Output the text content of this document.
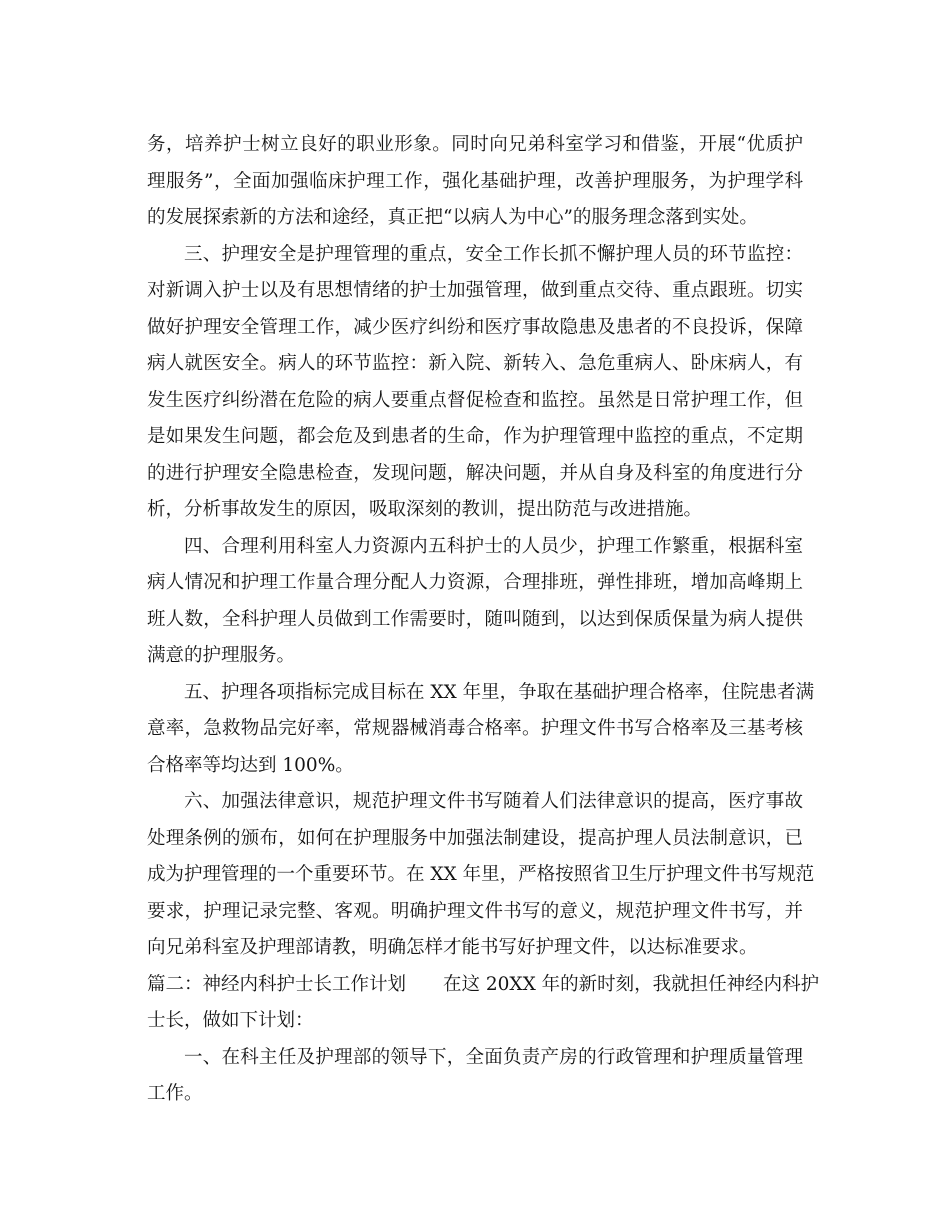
务，培养护士树立良好的职业形象。同时向兄弟科室学习和借鉴，开展“优质护
理服务”，全面加强临床护理工作，强化基础护理，改善护理服务，为护理学科
的发展探索新的方法和途经，真正把“以病人为中心”的服务理念落到实处。
三、护理安全是护理管理的重点，安全工作长抓不懈护理人员的环节监控：
对新调入护士以及有思想情绪的护士加强管理，做到重点交待、重点跟班。切实
做好护理安全管理工作，减少医疗纠纷和医疗事故隐患及患者的不良投诉，保障
病人就医安全。病人的环节监控：新入院、新转入、急危重病人、卧床病人，有
发生医疗纠纷潜在危险的病人要重点督促检查和监控。虽然是日常护理工作，但
是如果发生问题，都会危及到患者的生命，作为护理管理中监控的重点，不定期
的进行护理安全隐患检查，发现问题，解决问题，并从自身及科室的角度进行分
析，分析事故发生的原因，吸取深刻的教训，提出防范与改进措施。
四、合理利用科室人力资源内五科护士的人员少，护理工作繁重，根据科室
病人情况和护理工作量合理分配人力资源，合理排班，弹性排班，增加高峰期上
班人数，全科护理人员做到工作需要时，随叫随到，以达到保质保量为病人提供
满意的护理服务。
五、护理各项指标完成目标在 XX 年里，争取在基础护理合格率，住院患者满
意率，急救物品完好率，常规器械消毒合格率。护理文件书写合格率及三基考核
合格率等均达到 100%。
六、加强法律意识，规范护理文件书写随着人们法律意识的提高，医疗事故
处理条例的颁布，如何在护理服务中加强法制建设，提高护理人员法制意识，已
成为护理管理的一个重要环节。在 XX 年里，严格按照省卫生厅护理文件书写规范
要求，护理记录完整、客观。明确护理文件书写的意义，规范护理文件书写，并
向兄弟科室及护理部请教，明确怎样才能书写好护理文件，以达标准要求。
篇二：神经内科护士长工作计划　　在这 20XX 年的新时刻，我就担任神经内科护
士长，做如下计划：
一、在科主任及护理部的领导下，全面负责产房的行政管理和护理质量管理
工作。
